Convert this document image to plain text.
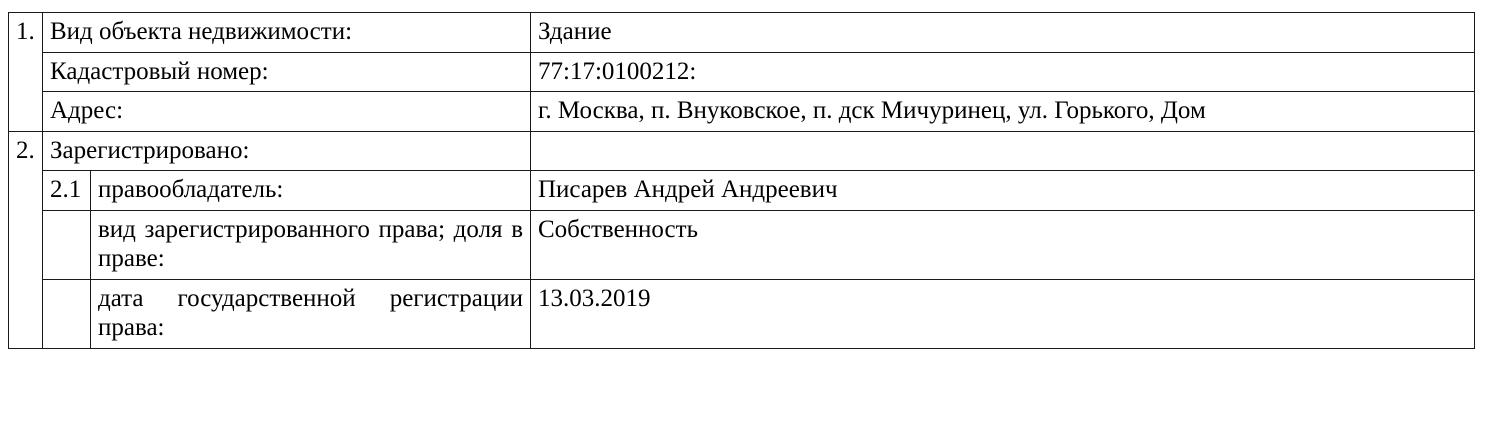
1.	Вид объекта недвижимости:		Здание
	Кадастровый номер:		77:17:0100212:
	Адрес:		г. Москва, п. Внуковское, п. дск Мичуринец, ул. Горького, Дом
2.	Зарегистрировано:		
	2.1	правообладатель:	Писарев Андрей Андреевич
		вид зарегистрированного права; доля в праве:	Собственность
		дата государственной регистрации права:	13.03.2019
